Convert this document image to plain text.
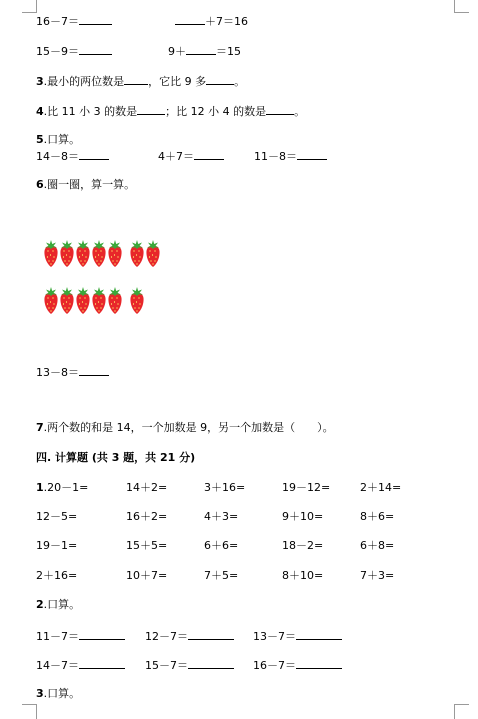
16－7＝	＋7＝16
15－9＝	9＋	＝15
3.最小的两位数是 ，它比 9 多	。
4.比 11 小 3 的数是	；比 12 小 4 的数是	。
5.口算。
14－8＝	4＋7＝	11－8＝
6.圈一圈，算一算。
13－8＝
7.两个数的和是 14，一个加数是 9，另一个加数是（　　）。
四. 计算题 (共 3 题，共 21 分)
1.20－1=	14＋2=	3＋16=	19－12=	2＋14=
12－5=	16＋2=	4＋3=	9＋10=	8＋6=
19－1=	15＋5=	6＋6=	18－2=	6＋8=
2＋16=	10＋7=	7＋5=	8＋10=	7＋3=
2.口算。
11－7＝	12－7＝	13－7＝
14－7＝	15－7＝	16－7＝
3.口算。
